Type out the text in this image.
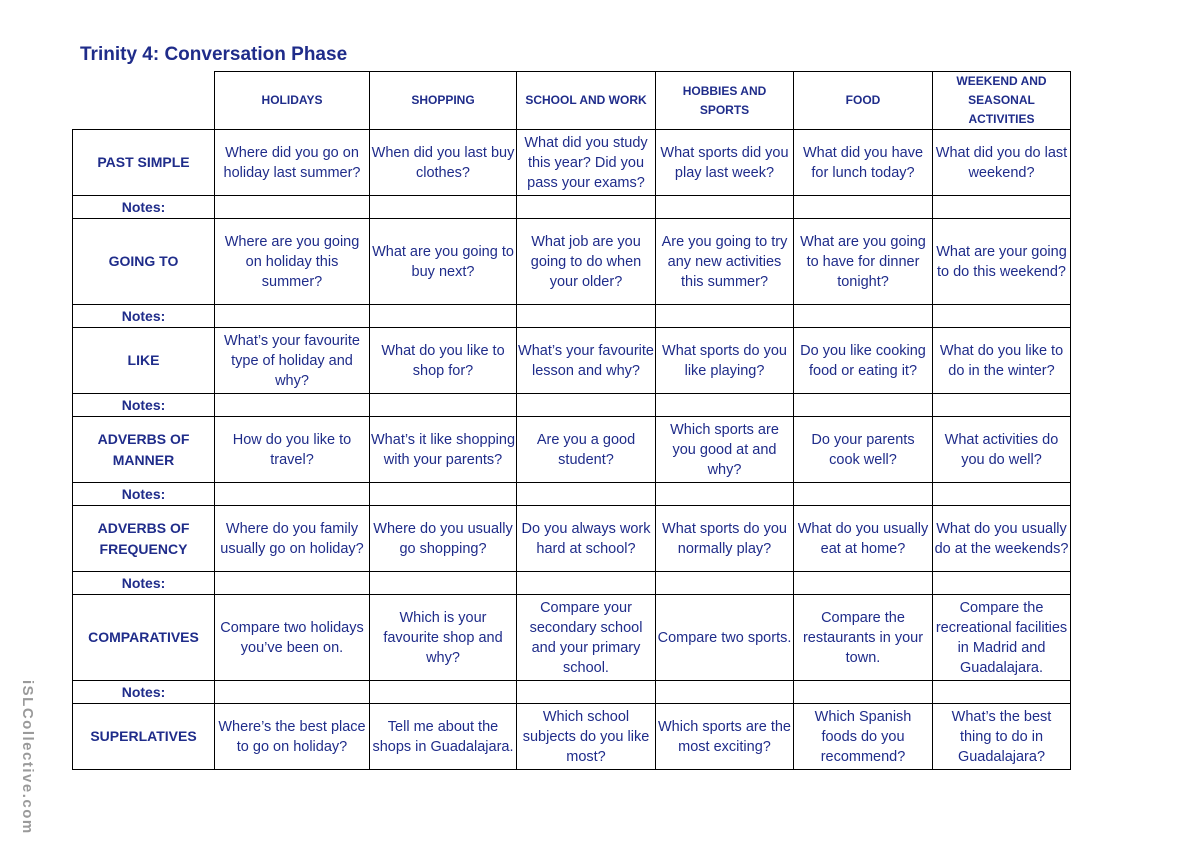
Trinity 4: Conversation Phase
iSLCollective.com
	HOLIDAYS	SHOPPING	SCHOOL AND WORK	HOBBIES AND SPORTS	FOOD	WEEKEND AND SEASONAL ACTIVITIES
PAST SIMPLE	Where did you go on holiday last summer?	When did you last buy clothes?	What did you study this year? Did you pass your exams?	What sports did you play last week?	What did you have for lunch today?	What did you do last weekend?
Notes:						
GOING TO	Where are you going on holiday this summer?	What are you going to buy next?	What job are you going to do when your older?	Are you going to try any new activities this summer?	What are you going to have for dinner tonight?	What are your going to do this weekend?
Notes:						
LIKE	What’s your favourite type of holiday and why?	What do you like to shop for?	What’s your favourite lesson and why?	What sports do you like playing?	Do you like cooking food or eating it?	What do you like to do in the winter?
Notes:						
ADVERBS OF MANNER	How do you like to travel?	What’s it like shopping with your parents?	Are you a good student?	Which sports are you good at and why?	Do your parents cook well?	What activities do you do well?
Notes:						
ADVERBS OF FREQUENCY	Where do you family usually go on holiday?	Where do you usually go shopping?	Do you always work hard at school?	What sports do you normally play?	What do you usually eat at home?	What do you usually do at the weekends?
Notes:						
COMPARATIVES	Compare two holidays you’ve been on.	Which is your favourite shop and why?	Compare your secondary school and your primary school.	Compare two sports.	Compare the restaurants in your town.	Compare the recreational facilities in Madrid and Guadalajara.
Notes:						
SUPERLATIVES	Where’s the best place to go on holiday?	Tell me about the shops in Guadalajara.	Which school subjects do you like most?	Which sports are the most exciting?	Which Spanish foods do you recommend?	What’s the best thing to do in Guadalajara?
